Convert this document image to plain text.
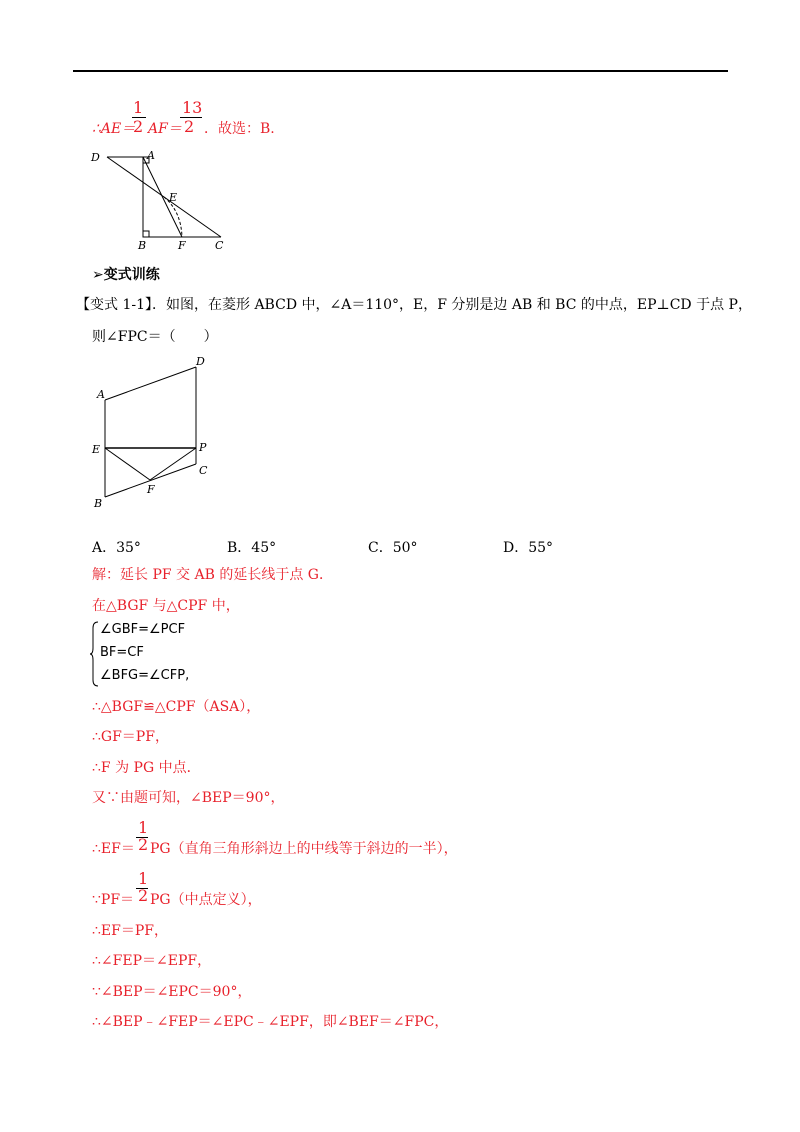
1
2
13
2
∴AE＝ AF＝ ．故选：B.
D	A
E
B	F	C
➢变式训练
【变式 1-1】．如图，在菱形 ABCD 中，∠A＝110°，E，F 分别是边 AB 和 BC 的中点，EP⊥CD 于点 P，
则∠FPC＝（　　）
A
D
E	P
C
F
B
A．35°	B．45°	C．50°	D．55°
解：延长 PF 交 AB 的延长线于点 G．
在△BGF 与△CPF 中，
∠GBF=∠PCF
BF=CF
∠BFG=∠CFP,
∴△BGF≌△CPF（ASA），
∴GF＝PF，
∴F 为 PG 中点．
又∵由题可知，∠BEP＝90°，
1
∴EF＝ 2 PG（直角三角形斜边上的中线等于斜边的一半），
1
∵PF＝ 2 PG（中点定义），
∴EF＝PF，
∴∠FEP＝∠EPF，
∵∠BEP＝∠EPC＝90°，
∴∠BEP﹣∠FEP＝∠EPC﹣∠EPF，即∠BEF＝∠FPC，
